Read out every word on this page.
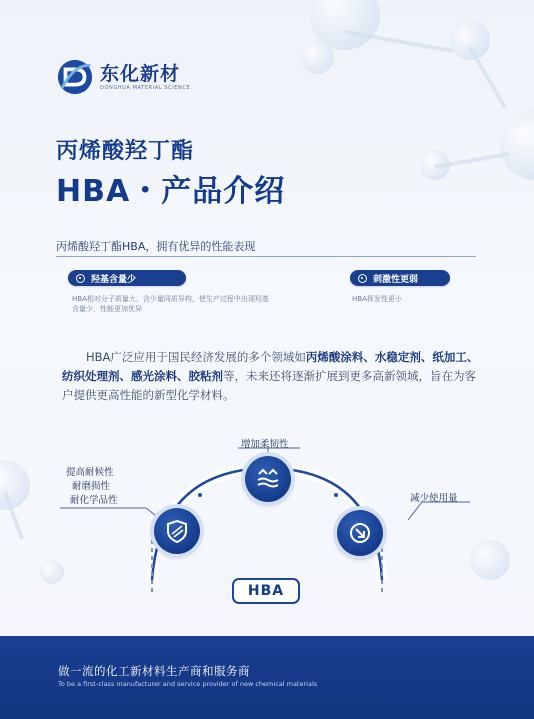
东化新材
DONGHUA MATERIAL SCIENCE
丙烯酸羟丁酯
HBA・产品介绍
丙烯酸羟丁酯HBA，拥有优异的性能表现
羟基含量少
HBA相对分子质量大，含少量同质异构，使生产过程中出现羟基含量少，性能更加优异
刺激性更弱
HBA挥发性更小
HBA广泛应用于国民经济发展的多个领域如丙烯酸涂料、水稳定剂、纸加工、纺织处理剂、感光涂料、胶粘剂等，未来还将逐渐扩展到更多高新领域，旨在为客户提供更高性能的新型化学材料。
增加柔韧性
提高耐候性
耐磨损性
耐化学品性	减少使用量
HBA
做一流的化工新材料生产商和服务商
To be a first-class manufacturer and service provider of new chemical materials
